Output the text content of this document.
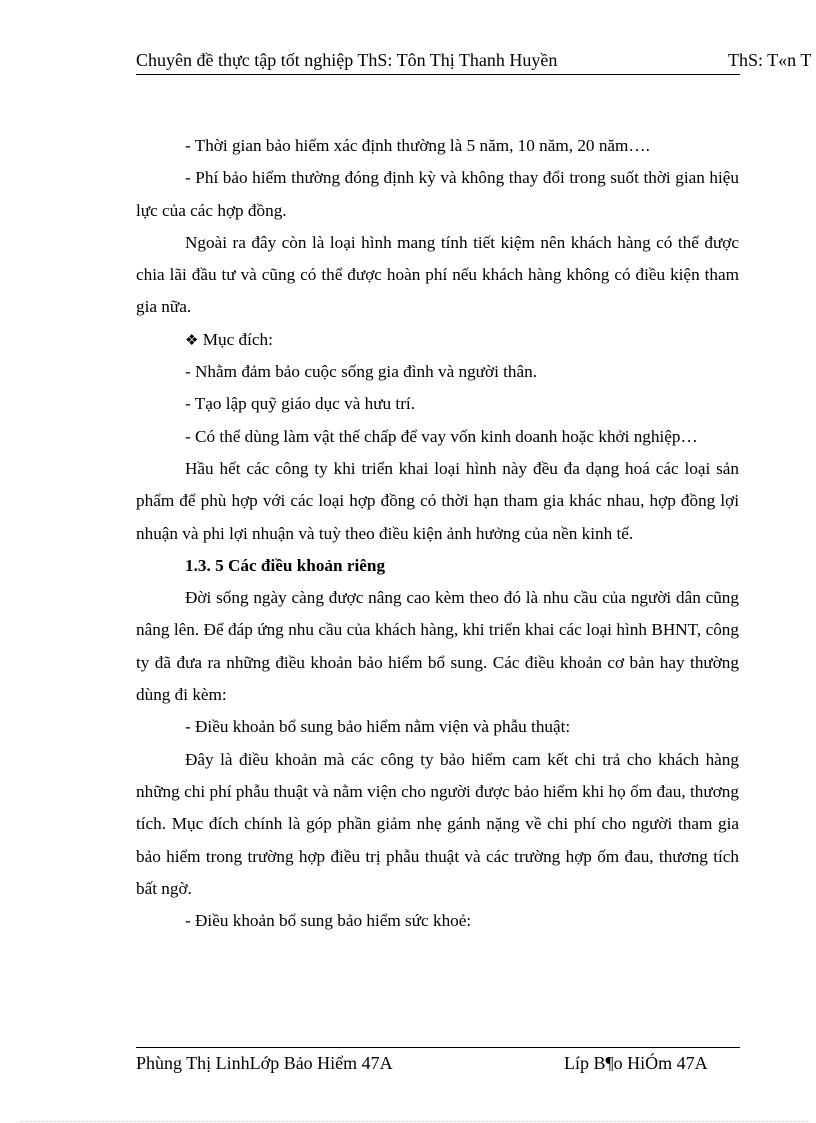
Chuyên đề thực tập tốt nghiệp ThS: Tôn Thị Thanh Huyền	ThS: T«n T

- Thời gian bảo hiểm xác định thường là 5 năm, 10 năm, 20 năm….

- Phí bảo hiểm thường đóng định kỳ và không thay đổi trong suốt thời gian hiệu lực của các hợp đồng.

Ngoài ra đây còn là loại hình mang tính tiết kiệm nên khách hàng có thể được chia lãi đầu tư và cũng có thể được hoàn phí nếu khách hàng không có điều kiện tham gia nữa.

❖ Mục đích:

- Nhằm đảm bảo cuộc sống gia đình và người thân.

- Tạo lập quỹ giáo dục và hưu trí.

- Có thể dùng làm vật thế chấp để vay vốn kinh doanh hoặc khởi nghiệp…

Hầu hết các công ty khi triển khai loại hình này đều đa dạng hoá các loại sản phẩm để phù hợp với các loại hợp đồng có thời hạn tham gia khác nhau, hợp đồng lợi nhuận và phi lợi nhuận và tuỳ theo điều kiện ảnh hưởng của nền kinh tế.

1.3. 5 Các điều khoản riêng

Đời sống ngày càng được nâng cao kèm theo đó là nhu cầu của người dân cũng nâng lên. Để đáp ứng nhu cầu của khách hàng, khi triển khai các loại hình BHNT, công ty đã đưa ra những điều khoản bảo hiểm bổ sung. Các điều khoản cơ bản hay thường dùng đi kèm:

- Điều khoản bổ sung bảo hiểm nằm viện và phẫu thuật:

Đây là điều khoản mà các công ty bảo hiểm cam kết chi trả cho khách hàng những chi phí phẫu thuật và nằm viện cho người được bảo hiểm khi họ ốm đau, thương tích. Mục đích chính là góp phần giảm nhẹ gánh nặng về chi phí cho người tham gia bảo hiểm trong trường hợp điều trị phẫu thuật và các trường hợp ốm đau, thương tích bất ngờ.

- Điều khoản bổ sung bảo hiểm sức khoẻ:

Phùng Thị LinhLớp Bảo Hiểm 47A	Líp B¶o HiÓm 47A
